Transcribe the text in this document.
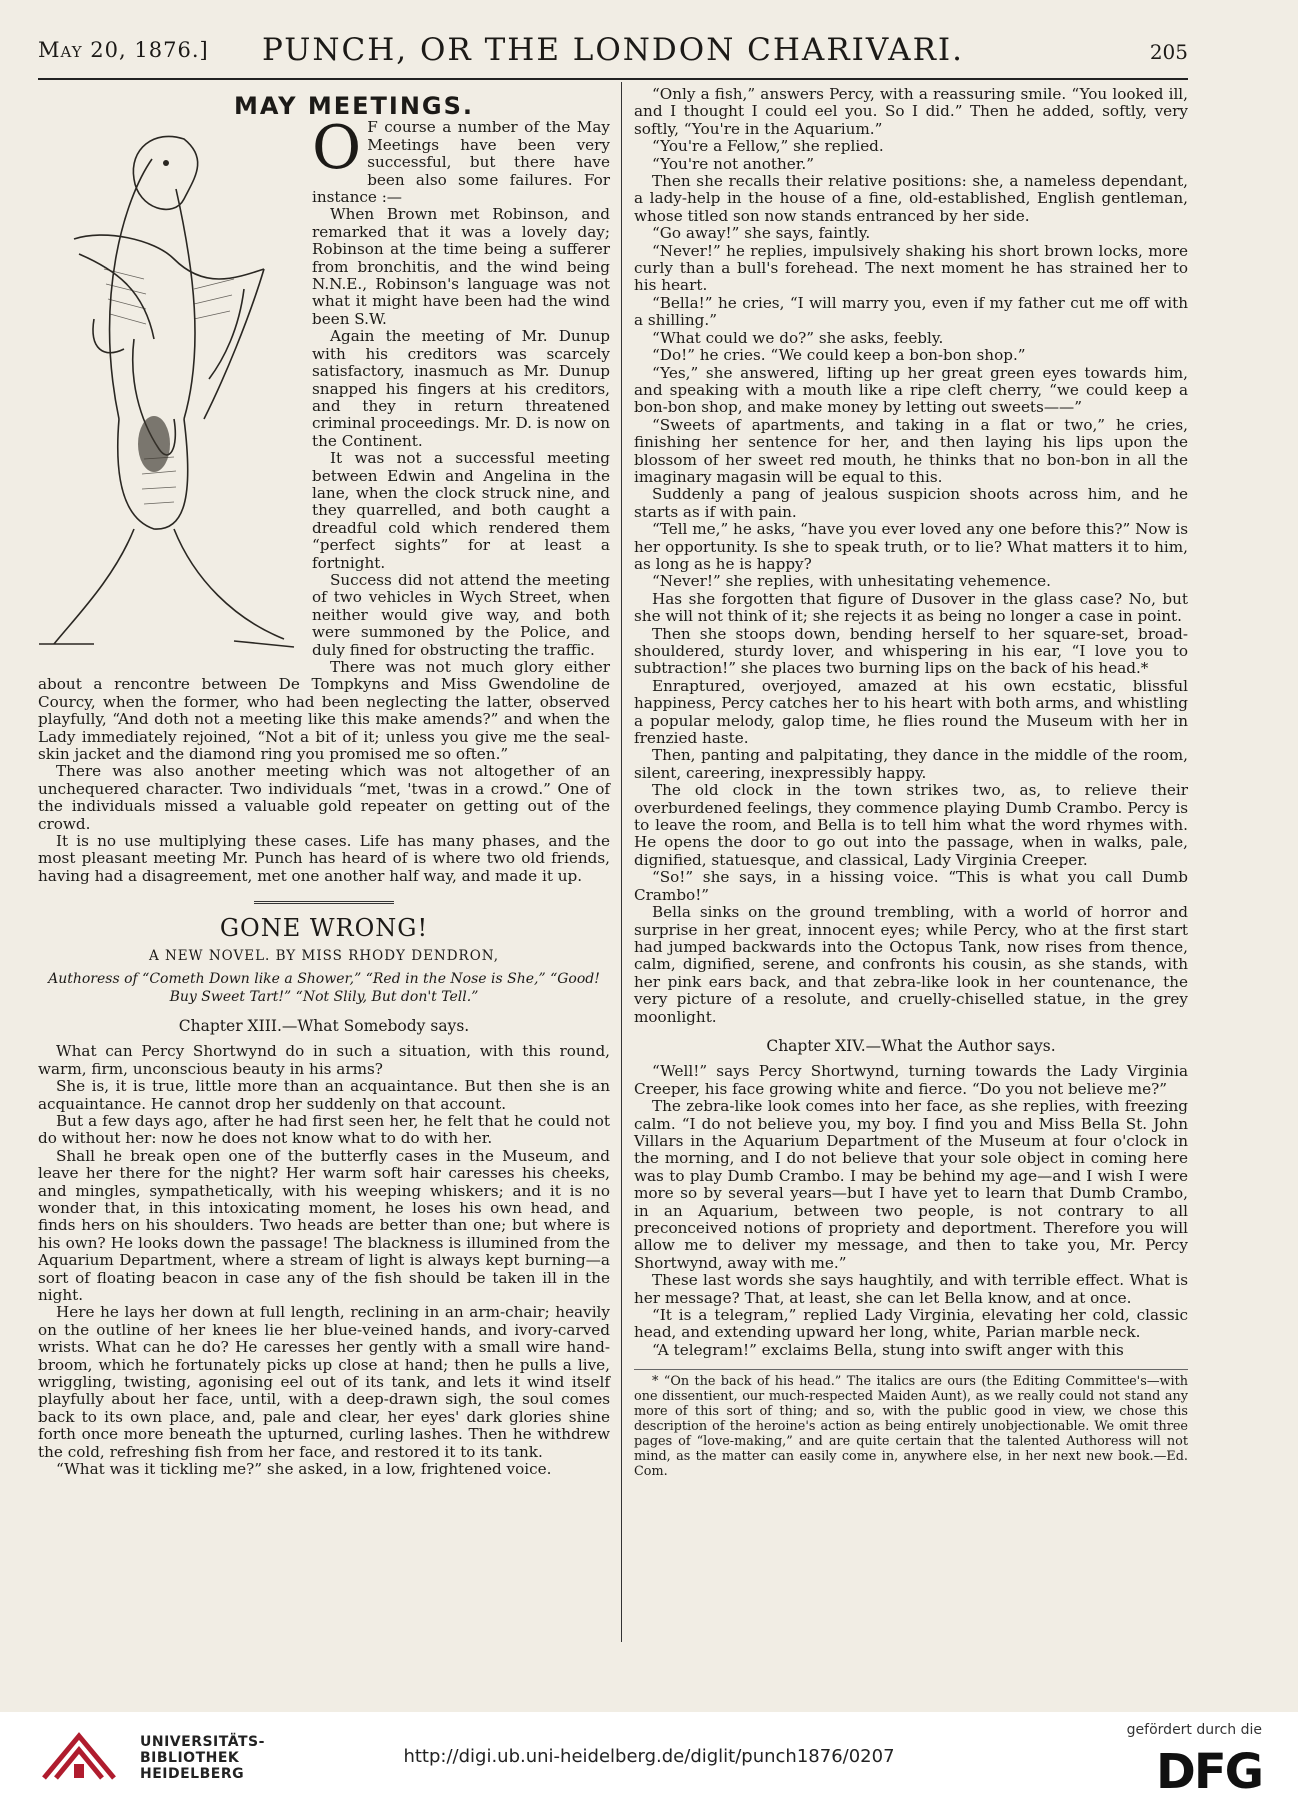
May 20, 1876.]	PUNCH, OR THE LONDON CHARIVARI.	205
MAY MEETINGS.
O F course a number of the May Meetings have been very successful, but there have been also some failures. For instance :—

When Brown met Robinson, and remarked that it was a lovely day; Robinson at the time being a sufferer from bronchitis, and the wind being N.N.E., Robinson's language was not what it might have been had the wind been S.W.

Again the meeting of Mr. Dunup with his creditors was scarcely satisfactory, inasmuch as Mr. Dunup snapped his fingers at his creditors, and they in return threatened criminal proceedings. Mr. D. is now on the Continent.

It was not a successful meeting between Edwin and Angelina in the lane, when the clock struck nine, and they quarrelled, and both caught a dreadful cold which rendered them “perfect sights” for at least a fortnight.

Success did not attend the meeting of two vehicles in Wych Street, when neither would give way, and both were summoned by the Police, and duly fined for obstructing the traffic.

There was not much glory either about a rencontre between De Tompkyns and Miss Gwendoline de Courcy, when the former, who had been neglecting the latter, observed playfully, “And doth not a meeting like this make amends?” and when the Lady immediately rejoined, “Not a bit of it; unless you give me the seal-skin jacket and the diamond ring you promised me so often.”

There was also another meeting which was not altogether of an unchequered character. Two individuals “met, 'twas in a crowd.” One of the individuals missed a valuable gold repeater on getting out of the crowd.

It is no use multiplying these cases. Life has many phases, and the most pleasant meeting Mr. Punch has heard of is where two old friends, having had a disagreement, met one another half way, and made it up.

GONE WRONG!

A NEW NOVEL. BY MISS RHODY DENDRON,

Authoress of “Cometh Down like a Shower,” “Red in the Nose is She,” “Good! Buy Sweet Tart!” “Not Slily, But don't Tell.”

Chapter XIII.—What Somebody says.

What can Percy Shortwynd do in such a situation, with this round, warm, firm, unconscious beauty in his arms?

She is, it is true, little more than an acquaintance. But then she is an acquaintance. He cannot drop her suddenly on that account.

But a few days ago, after he had first seen her, he felt that he could not do without her: now he does not know what to do with her.

Shall he break open one of the butterfly cases in the Museum, and leave her there for the night? Her warm soft hair caresses his cheeks, and mingles, sympathetically, with his weeping whiskers; and it is no wonder that, in this intoxicating moment, he loses his own head, and finds hers on his shoulders. Two heads are better than one; but where is his own? He looks down the passage! The blackness is illumined from the Aquarium Department, where a stream of light is always kept burning—a sort of floating beacon in case any of the fish should be taken ill in the night.

Here he lays her down at full length, reclining in an arm-chair; heavily on the outline of her knees lie her blue-veined hands, and ivory-carved wrists. What can he do? He caresses her gently with a small wire hand-broom, which he fortunately picks up close at hand; then he pulls a live, wriggling, twisting, agonising eel out of its tank, and lets it wind itself playfully about her face, until, with a deep-drawn sigh, the soul comes back to its own place, and, pale and clear, her eyes' dark glories shine forth once more beneath the upturned, curling lashes. Then he withdrew the cold, refreshing fish from her face, and restored it to its tank.

“What was it tickling me?” she asked, in a low, frightened voice.

“Only a fish,” answers Percy, with a reassuring smile. “You looked ill, and I thought I could eel you. So I did.” Then he added, softly, very softly, “You're in the Aquarium.”

“You're a Fellow,” she replied.

“You're not another.”

Then she recalls their relative positions: she, a nameless dependant, a lady-help in the house of a fine, old-established, English gentleman, whose titled son now stands entranced by her side.

“Go away!” she says, faintly.

“Never!” he replies, impulsively shaking his short brown locks, more curly than a bull's forehead. The next moment he has strained her to his heart.

“Bella!” he cries, “I will marry you, even if my father cut me off with a shilling.”

“What could we do?” she asks, feebly.

“Do!” he cries. “We could keep a bon-bon shop.”

“Yes,” she answered, lifting up her great green eyes towards him, and speaking with a mouth like a ripe cleft cherry, “we could keep a bon-bon shop, and make money by letting out sweets——”

“Sweets of apartments, and taking in a flat or two,” he cries, finishing her sentence for her, and then laying his lips upon the blossom of her sweet red mouth, he thinks that no bon-bon in all the imaginary magasin will be equal to this.

Suddenly a pang of jealous suspicion shoots across him, and he starts as if with pain.

“Tell me,” he asks, “have you ever loved any one before this?” Now is her opportunity. Is she to speak truth, or to lie? What matters it to him, as long as he is happy?

“Never!” she replies, with unhesitating vehemence.

Has she forgotten that figure of Dusover in the glass case? No, but she will not think of it; she rejects it as being no longer a case in point.

Then she stoops down, bending herself to her square-set, broad-shouldered, sturdy lover, and whispering in his ear, “I love you to subtraction!” she places two burning lips on the back of his head.*

Enraptured, overjoyed, amazed at his own ecstatic, blissful happiness, Percy catches her to his heart with both arms, and whistling a popular melody, galop time, he flies round the Museum with her in frenzied haste.

Then, panting and palpitating, they dance in the middle of the room, silent, careering, inexpressibly happy.

The old clock in the town strikes two, as, to relieve their overburdened feelings, they commence playing Dumb Crambo. Percy is to leave the room, and Bella is to tell him what the word rhymes with. He opens the door to go out into the passage, when in walks, pale, dignified, statuesque, and classical, Lady Virginia Creeper.

“So!” she says, in a hissing voice. “This is what you call Dumb Crambo!”

Bella sinks on the ground trembling, with a world of horror and surprise in her great, innocent eyes; while Percy, who at the first start had jumped backwards into the Octopus Tank, now rises from thence, calm, dignified, serene, and confronts his cousin, as she stands, with her pink ears back, and that zebra-like look in her countenance, the very picture of a resolute, and cruelly-chiselled statue, in the grey moonlight.

Chapter XIV.—What the Author says.

“Well!” says Percy Shortwynd, turning towards the Lady Virginia Creeper, his face growing white and fierce. “Do you not believe me?”

The zebra-like look comes into her face, as she replies, with freezing calm. “I do not believe you, my boy. I find you and Miss Bella St. John Villars in the Aquarium Department of the Museum at four o'clock in the morning, and I do not believe that your sole object in coming here was to play Dumb Crambo. I may be behind my age—and I wish I were more so by several years—but I have yet to learn that Dumb Crambo, in an Aquarium, between two people, is not contrary to all preconceived notions of propriety and deportment. Therefore you will allow me to deliver my message, and then to take you, Mr. Percy Shortwynd, away with me.”

These last words she says haughtily, and with terrible effect. What is her message? That, at least, she can let Bella know, and at once.

“It is a telegram,” replied Lady Virginia, elevating her cold, classic head, and extending upward her long, white, Parian marble neck.

“A telegram!” exclaims Bella, stung into swift anger with this

* “On the back of his head.” The italics are ours (the Editing Committee's—with one dissentient, our much-respected Maiden Aunt), as we really could not stand any more of this sort of thing; and so, with the public good in view, we chose this description of the heroine's action as being entirely unobjectionable. We omit three pages of “love-making,” and are quite certain that the talented Authoress will not mind, as the matter can easily come in, anywhere else, in her next new book.—Ed. Com.

UNIVERSITÄTS-
BIBLIOTHEK
HEIDELBERG
http://digi.ub.uni-heidelberg.de/diglit/punch1876/0207
gefördert durch die
DFG
